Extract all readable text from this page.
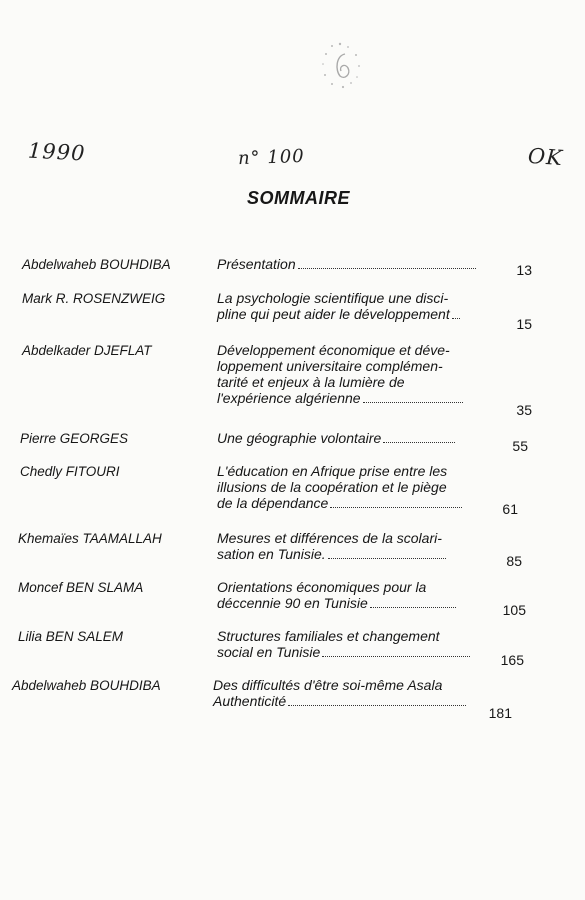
1990	n° 100	OK
SOMMAIRE
Abdelwaheb BOUHDIBA	Présentation	13
Mark R. ROSENZWEIG	La psychologie scientifique une disci-
pline qui peut aider le développement
15
Abdelkader DJEFLAT	Développement économique et déve-
loppement universitaire complémen-
tarité et enjeux à la lumière de
l'expérience algérienne
35
Pierre GEORGES	Une géographie volontaire	55
Chedly FITOURI	L'éducation en Afrique prise entre les
illusions de la coopération et le piège
de la dépendance	61
Khemaïes TAAMALLAH	Mesures et différences de la scolari-
sation en Tunisie.	85
Moncef BEN SLAMA	Orientations économiques pour la
déccennie 90 en Tunisie	105
Lilia BEN SALEM	Structures familiales et changement
social en Tunisie	165
Abdelwaheb BOUHDIBA	Des difficultés d'être soi-même Asala
Authenticité
181
